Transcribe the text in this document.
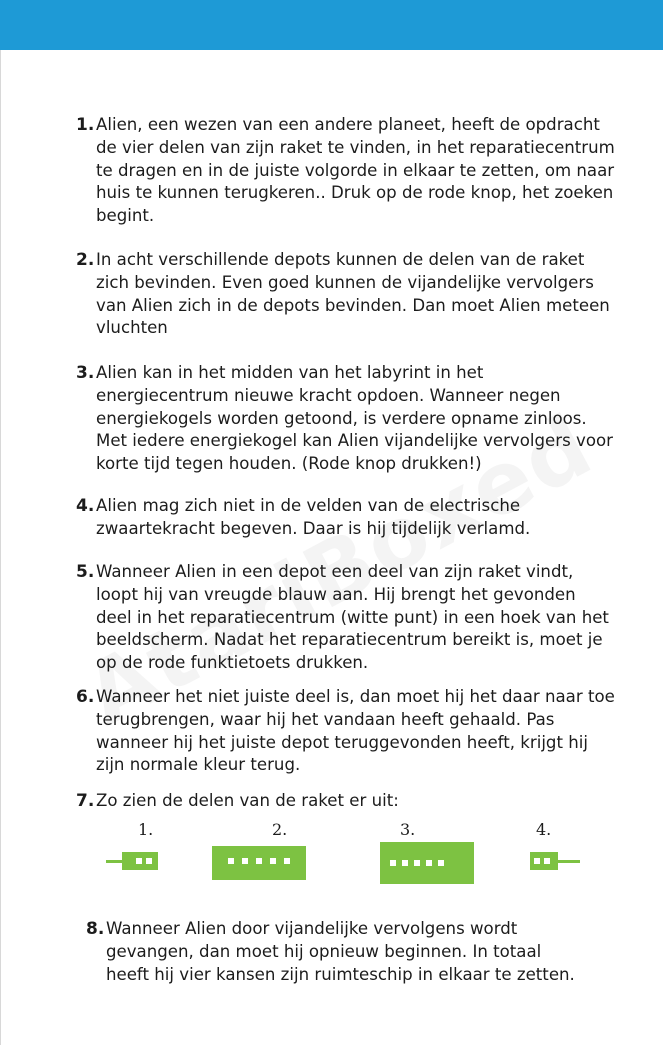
1. Alien, een wezen van een andere planeet, heeft de opdracht de vier delen van zijn raket te vinden, in het reparatiecentrum te dragen en in de juiste volgorde in elkaar te zetten, om naar huis te kunnen terugkeren.. Druk op de rode knop, het zoeken begint.
2. In acht verschillende depots kunnen de delen van de raket zich bevinden. Even goed kunnen de vijandelijke vervolgers van Alien zich in de depots bevinden. Dan moet Alien meteen vluchten
3. Alien kan in het midden van het labyrint in het energiecentrum nieuwe kracht opdoen. Wanneer negen energiekogels worden getoond, is verdere opname zinloos. Met iedere energiekogel kan Alien vijandelijke vervolgers voor korte tijd tegen houden. (Rode knop drukken!)
4. Alien mag zich niet in de velden van de electrische zwaartekracht begeven. Daar is hij tijdelijk verlamd.
5. Wanneer Alien in een depot een deel van zijn raket vindt, loopt hij van vreugde blauw aan. Hij brengt het gevonden deel in het reparatiecentrum (witte punt) in een hoek van het beeldscherm. Nadat het reparatiecentrum bereikt is, moet je op de rode funktietoets drukken.
6. Wanneer het niet juiste deel is, dan moet hij het daar naar toe terugbrengen, waar hij het vandaan heeft gehaald. Pas wanneer hij het juiste depot teruggevonden heeft, krijgt hij zijn normale kleur terug.
7. Zo zien de delen van de raket er uit:
1.	2.	3.	4.
8. Wanneer Alien door vijandelijke vervolgens wordt gevangen, dan moet hij opnieuw beginnen. In totaal heeft hij vier kansen zijn ruimteschip in elkaar te zetten.
